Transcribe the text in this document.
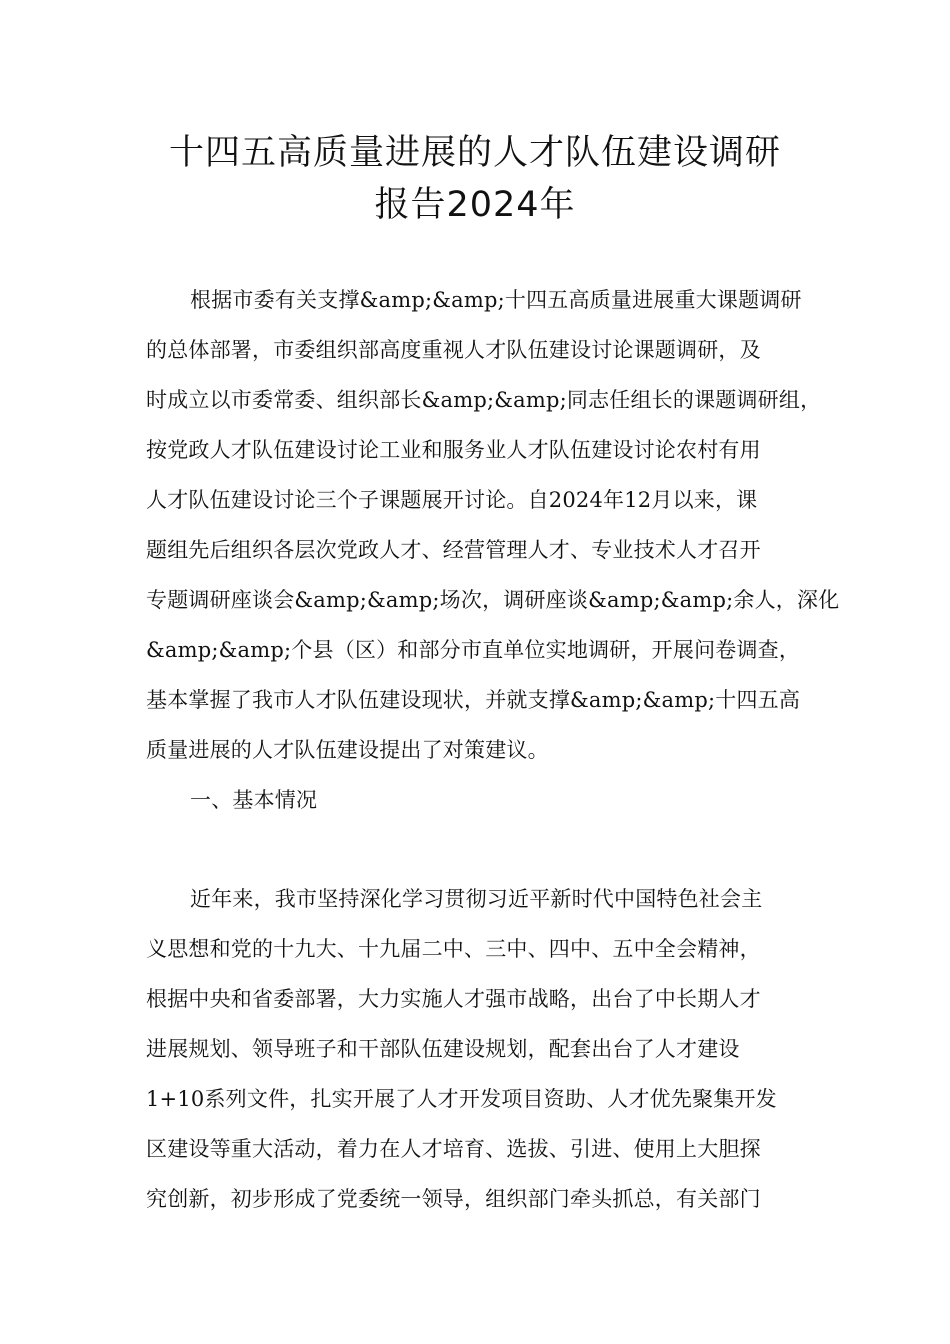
十四五高质量进展的人才队伍建设调研
报告2024年
根据市委有关支撑&amp;&amp;十四五高质量进展重大课题调研
的总体部署，市委组织部高度重视人才队伍建设讨论课题调研，及
时成立以市委常委、组织部长&amp;&amp;同志任组长的课题调研组，
按党政人才队伍建设讨论工业和服务业人才队伍建设讨论农村有用
人才队伍建设讨论三个子课题展开讨论。自2024年12月以来，课
题组先后组织各层次党政人才、经营管理人才、专业技术人才召开
专题调研座谈会&amp;&amp;场次，调研座谈&amp;&amp;余人，深化
&amp;&amp;个县（区）和部分市直单位实地调研，开展问卷调查，
基本掌握了我市人才队伍建设现状，并就支撑&amp;&amp;十四五高
质量进展的人才队伍建设提出了对策建议。
一、基本情况
近年来，我市坚持深化学习贯彻习近平新时代中国特色社会主
义思想和党的十九大、十九届二中、三中、四中、五中全会精神，
根据中央和省委部署，大力实施人才强市战略，出台了中长期人才
进展规划、领导班子和干部队伍建设规划，配套出台了人才建设
1+10系列文件，扎实开展了人才开发项目资助、人才优先聚集开发
区建设等重大活动，着力在人才培育、选拔、引进、使用上大胆探
究创新，初步形成了党委统一领导，组织部门牵头抓总，有关部门
